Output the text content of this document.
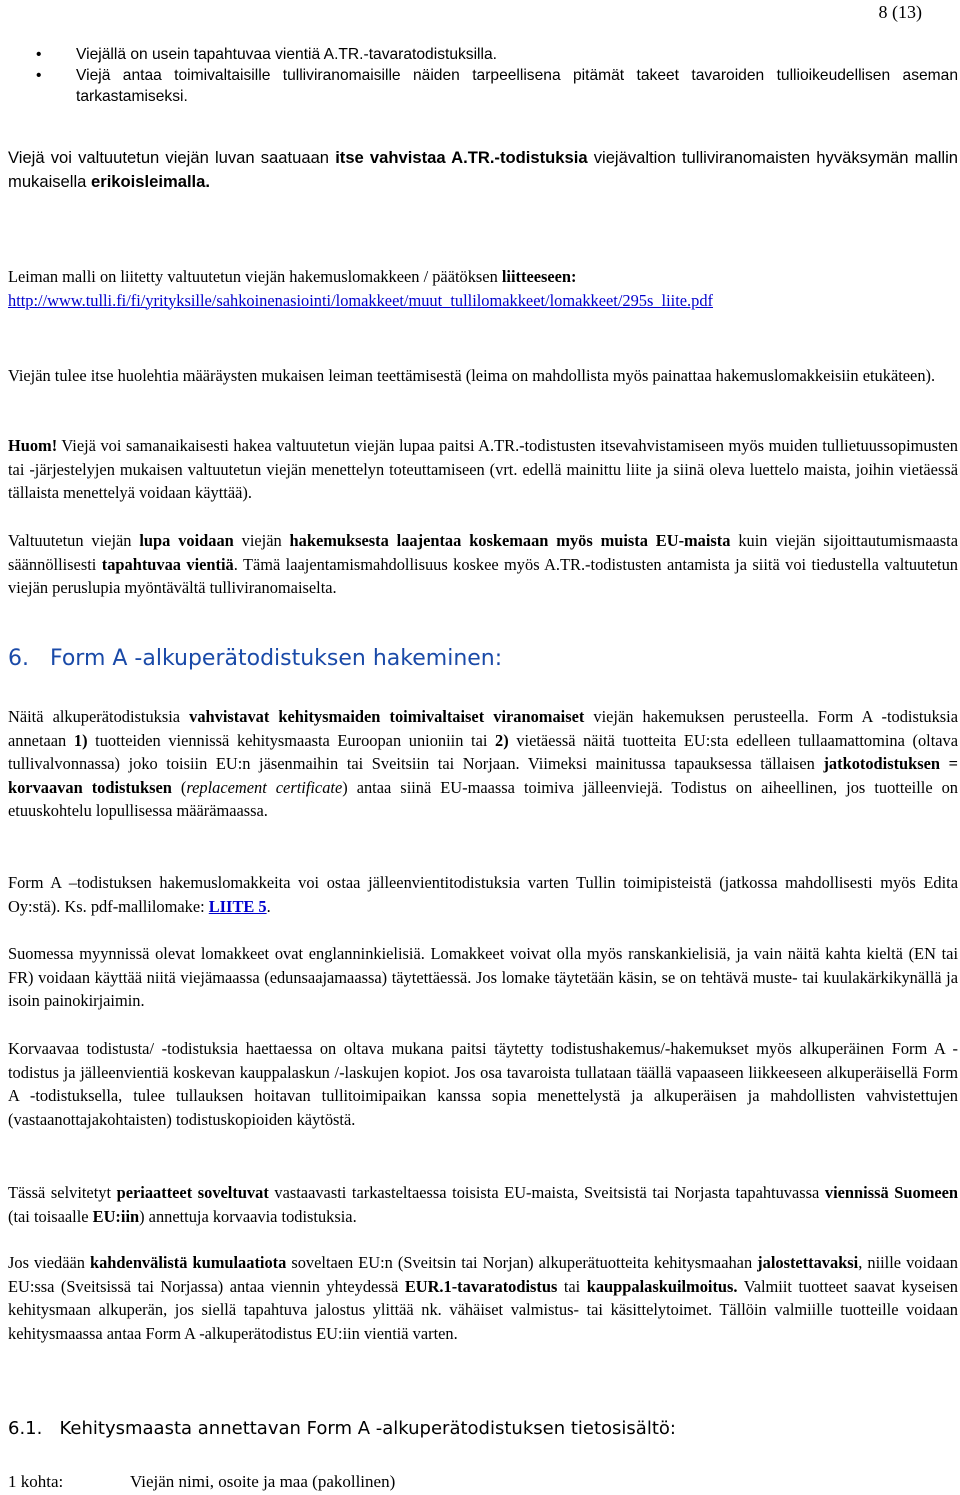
8 (13)
• Viejällä on usein tapahtuvaa vientiä A.TR.-tavaratodistuksilla.
• Viejä antaa toimivaltaisille tulliviranomaisille näiden tarpeellisena pitämät takeet tavaroiden tullioikeudellisen aseman tarkastamiseksi.

Viejä voi valtuutetun viejän luvan saatuaan itse vahvistaa A.TR.-todistuksia viejävaltion tulliviranomaisten hyväksymän mallin mukaisella erikoisleimalla.

Leiman malli on liitetty valtuutetun viejän hakemuslomakkeen / päätöksen liitteeseen:
http://www.tulli.fi/fi/yrityksille/sahkoinenasiointi/lomakkeet/muut_tullilomakkeet/lomakkeet/295s_liite.pdf

Viejän tulee itse huolehtia määräysten mukaisen leiman teettämisestä (leima on mahdollista myös painattaa hakemuslomakkeisiin etukäteen).

Huom! Viejä voi samanaikaisesti hakea valtuutetun viejän lupaa paitsi A.TR.-todistusten itsevahvistamiseen myös muiden tullietuussopimusten tai -järjestelyjen mukaisen valtuutetun viejän menettelyn toteuttamiseen (vrt. edellä mainittu liite ja siinä oleva luettelo maista, joihin vietäessä tällaista menettelyä voidaan käyttää).

Valtuutetun viejän lupa voidaan viejän hakemuksesta laajentaa koskemaan myös muista EU-maista kuin viejän sijoittautumismaasta säännöllisesti tapahtuvaa vientiä. Tämä laajentamismahdollisuus koskee myös A.TR.-todistusten antamista ja siitä voi tiedustella valtuutetun viejän peruslupia myöntävältä tulliviranomaiselta.

6.   Form A -alkuperätodistuksen hakeminen:

Näitä alkuperätodistuksia vahvistavat kehitysmaiden toimivaltaiset viranomaiset viejän hakemuksen perusteella. Form A -todistuksia annetaan 1) tuotteiden viennissä kehitysmaasta Euroopan unioniin tai 2) vietäessä näitä tuotteita EU:sta edelleen tullaamattomina (oltava tullivalvonnassa) joko toisiin EU:n jäsenmaihin tai Sveitsiin tai Norjaan. Viimeksi mainitussa tapauksessa tällaisen jatkotodistuksen = korvaavan todistuksen (replacement certificate) antaa siinä EU-maassa toimiva jälleenviejä. Todistus on aiheellinen, jos tuotteille on etuuskohtelu lopullisessa määrämaassa.

Form A –todistuksen hakemuslomakkeita voi ostaa jälleenvientitodistuksia varten Tullin toimipisteistä (jatkossa mahdollisesti myös Edita Oy:stä). Ks. pdf-mallilomake: LIITE 5.

Suomessa myynnissä olevat lomakkeet ovat englanninkielisiä. Lomakkeet voivat olla myös ranskankielisiä, ja vain näitä kahta kieltä (EN tai FR) voidaan käyttää niitä viejämaassa (edunsaajamaassa) täytettäessä. Jos lomake täytetään käsin, se on tehtävä muste- tai kuulakärkikynällä ja isoin painokirjaimin.

Korvaavaa todistusta/ -todistuksia haettaessa on oltava mukana paitsi täytetty todistushakemus/-hakemukset myös alkuperäinen Form A -todistus ja jälleenvientiä koskevan kauppalaskun /-laskujen kopiot. Jos osa tavaroista tullataan täällä vapaaseen liikkeeseen alkuperäisellä Form A -todistuksella, tulee tullauksen hoitavan tullitoimipaikan kanssa sopia menettelystä ja alkuperäisen ja mahdollisten vahvistettujen (vastaanottajakohtaisten) todistuskopioiden käytöstä.

Tässä selvitetyt periaatteet soveltuvat vastaavasti tarkasteltaessa toisista EU-maista, Sveitsistä tai Norjasta tapahtuvassa viennissä Suomeen (tai toisaalle EU:iin) annettuja korvaavia todistuksia.

Jos viedään kahdenvälistä kumulaatiota soveltaen EU:n (Sveitsin tai Norjan) alkuperätuotteita kehitysmaahan jalostettavaksi, niille voidaan EU:ssa (Sveitsissä tai Norjassa) antaa viennin yhteydessä EUR.1-tavaratodistus tai kauppalaskuilmoitus. Valmiit tuotteet saavat kyseisen kehitysmaan alkuperän, jos siellä tapahtuva jalostus ylittää nk. vähäiset valmistus- tai käsittelytoimet. Tällöin valmiille tuotteille voidaan kehitysmaassa antaa Form A -alkuperätodistus EU:iin vientiä varten.

6.1.   Kehitysmaasta annettavan Form A -alkuperätodistuksen tietosisältö:
1 kohta:	Viejän nimi, osoite ja maa (pakollinen)
